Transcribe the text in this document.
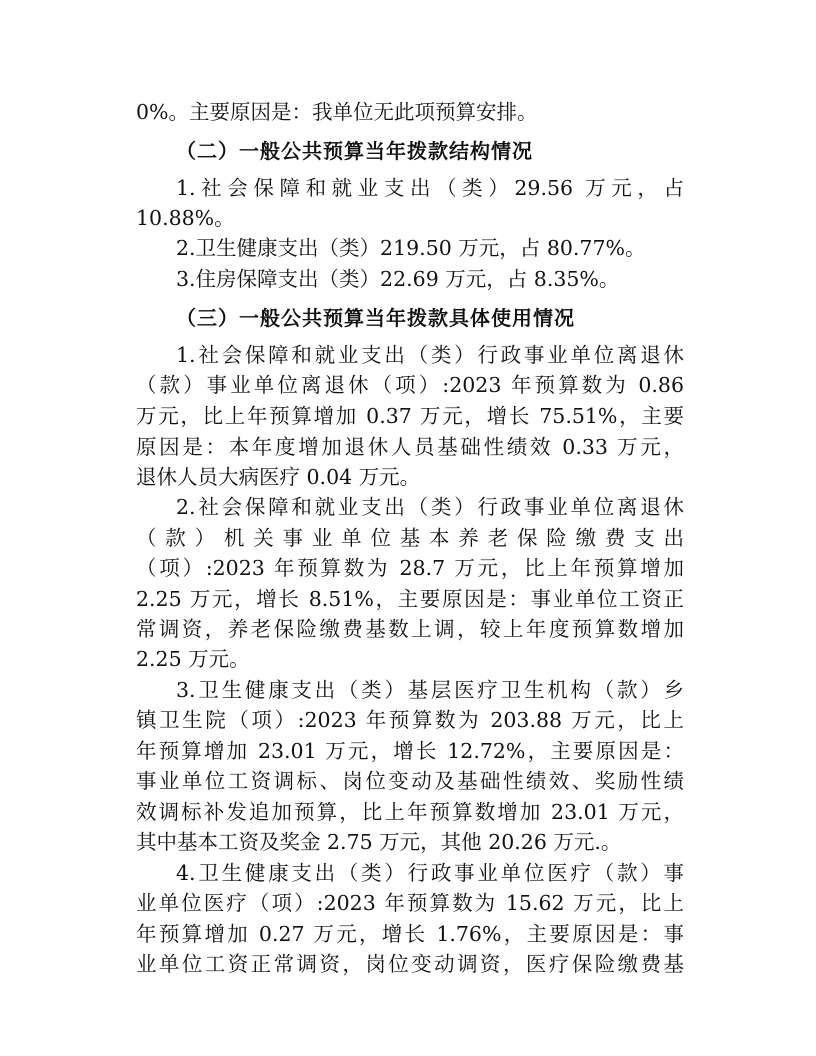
0%。主要原因是：我单位无此项预算安排。
（二）一般公共预算当年拨款结构情况
1.社会保障和就业支出（类）29.56 万元，占
10.88%。
2.卫生健康支出（类）219.50 万元，占 80.77%。
3.住房保障支出（类）22.69 万元，占 8.35%。
（三）一般公共预算当年拨款具体使用情况
1.社会保障和就业支出（类）行政事业单位离退休
（款）事业单位离退休（项）:2023 年预算数为 0.86
万元，比上年预算增加 0.37 万元，增长 75.51%，主要
原因是：本年度增加退休人员基础性绩效 0.33 万元，
退休人员大病医疗 0.04 万元。
2.社会保障和就业支出（类）行政事业单位离退休
（款）机关事业单位基本养老保险缴费支出
（项）:2023 年预算数为 28.7 万元，比上年预算增加
2.25 万元，增长 8.51%，主要原因是：事业单位工资正
常调资，养老保险缴费基数上调，较上年度预算数增加
2.25 万元。
3.卫生健康支出（类）基层医疗卫生机构（款）乡
镇卫生院（项）:2023 年预算数为 203.88 万元，比上
年预算增加 23.01 万元，增长 12.72%，主要原因是：
事业单位工资调标、岗位变动及基础性绩效、奖励性绩
效调标补发追加预算，比上年预算数增加 23.01 万元，
其中基本工资及奖金 2.75 万元，其他 20.26 万元.。
4.卫生健康支出（类）行政事业单位医疗（款）事
业单位医疗（项）:2023 年预算数为 15.62 万元，比上
年预算增加 0.27 万元，增长 1.76%，主要原因是：事
业单位工资正常调资，岗位变动调资，医疗保险缴费基
